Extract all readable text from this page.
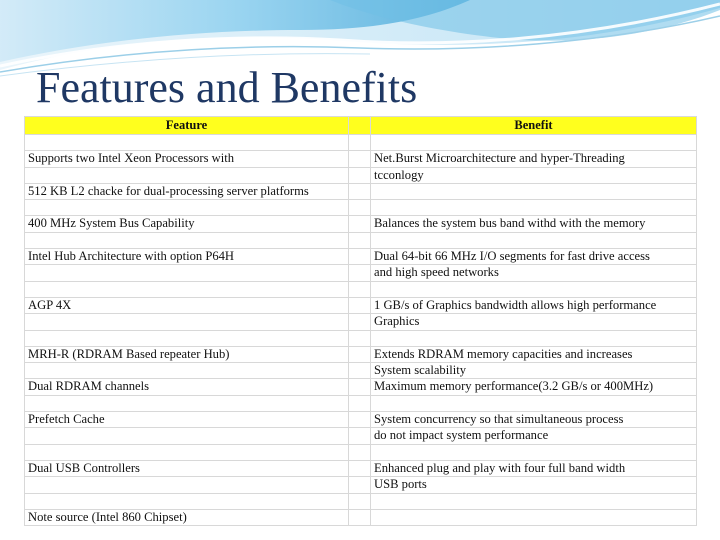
Features and Benefits
Feature		Benefit

Supports two Intel Xeon Processors with		Net.Burst Microarchitecture and hyper-Threading
		tcconlogy
512 KB L2 chacke for dual-processing server platforms		

400 MHz System Bus Capability		Balances the system bus band withd with the memory

Intel Hub Architecture with option P64H		Dual 64-bit 66 MHz I/O segments for fast drive access
		and high speed networks

AGP 4X		1 GB/s of Graphics bandwidth allows high performance
		Graphics

MRH-R (RDRAM Based repeater Hub)		Extends RDRAM memory capacities and increases
		System scalability
Dual RDRAM channels		Maximum memory performance(3.2 GB/s or 400MHz)

Prefetch Cache		System concurrency so that simultaneous process
		do not impact system performance

Dual USB Controllers		Enhanced plug and play with four full band width
		USB ports

Note source (Intel 860 Chipset)		
